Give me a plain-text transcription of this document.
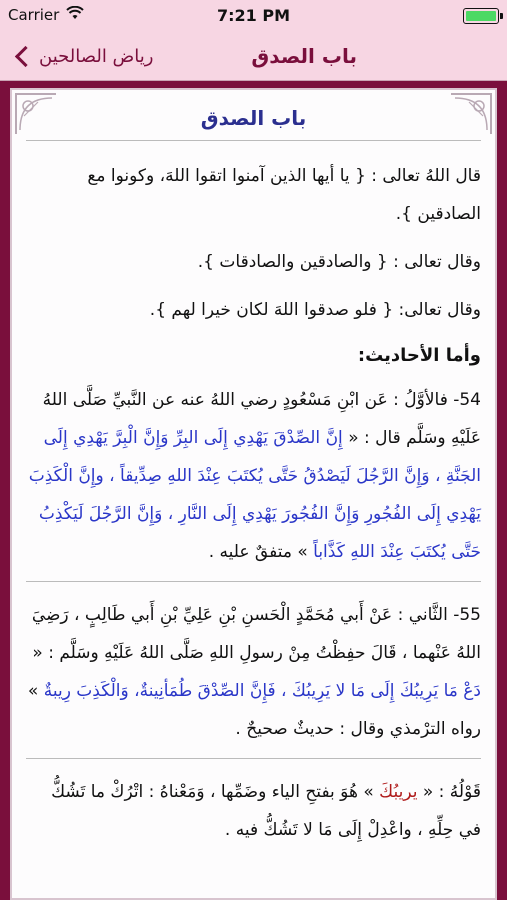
Carrier	7:21 PM
رياض الصالحين	باب الصدق
باب الصدق

قال اللهُ تعالى : { يا أيها الذين آمنوا اتقوا اللهَ، وكونوا مع الصادقين }.

وقال تعالى : { والصادقين والصادقات }.

وقال تعالى: { فلو صدقوا اللهَ لكان خيرا لهم }.

وأما الأحاديث:

54- فالأوَّلُ : عَن ابْنِ مَسْعُودٍ رضي اللهُ عنه عن النَّبيِّ صَلَّى اللهُ عَلَيْهِ وسَلَّم قال : « إِنَّ الصِّدْقَ يَهْدِي إِلَى البِرِّ وَإِنَّ الْبِرَّ يَهْدِي إِلَى الجَنَّةِ ، وَإِنَّ الرَّجُلَ لَيَصْدُقُ حَتَّى يُكتَبَ عِنْدَ اللهِ صِدِّيقاً ، وإِنَّ الْكَذِبَ يَهْدِي إِلَى الفُجُورِ وَإِنَّ الفُجُورَ يَهْدِي إِلَى النَّارِ ، وَإِنَّ الرَّجُلَ لَيَكْذِبُ حَتَّى يُكتَبَ عِنْدَ اللهِ كَذَّاباً » متفقٌ عليه .

55- الثَّاني : عَنْ أَبي مُحَمَّدٍ الْحَسنِ بْنِ عَلِيِّ بْنِ أَبي طَالِبٍ ، رَضِيَ اللهُ عَنْهما ، قَالَ حفِظْتُ مِنْ رسولِ اللهِ صَلَّى اللهُ عَلَيْهِ وسَلَّم : « دَعْ مَا يَرِيبُكَ إِلَى مَا لا يَرِيبُكَ ، فَإِنَّ الصِّدْقَ طُمَأنِينةٌ، وَالْكَذِبَ رِيبةٌ » رواه الترْمذي وقال : حديثٌ صحيحٌ .

قَوْلُهُ : « يريبُكَ » هُوَ بفتحِ الياء وضَمِّها ، وَمَعْناهُ : اتْرُكْ ما تَشُكُّ في حِلِّهِ ، واعْدِلْ إِلَى مَا لا تَشُكُّ فيه .
